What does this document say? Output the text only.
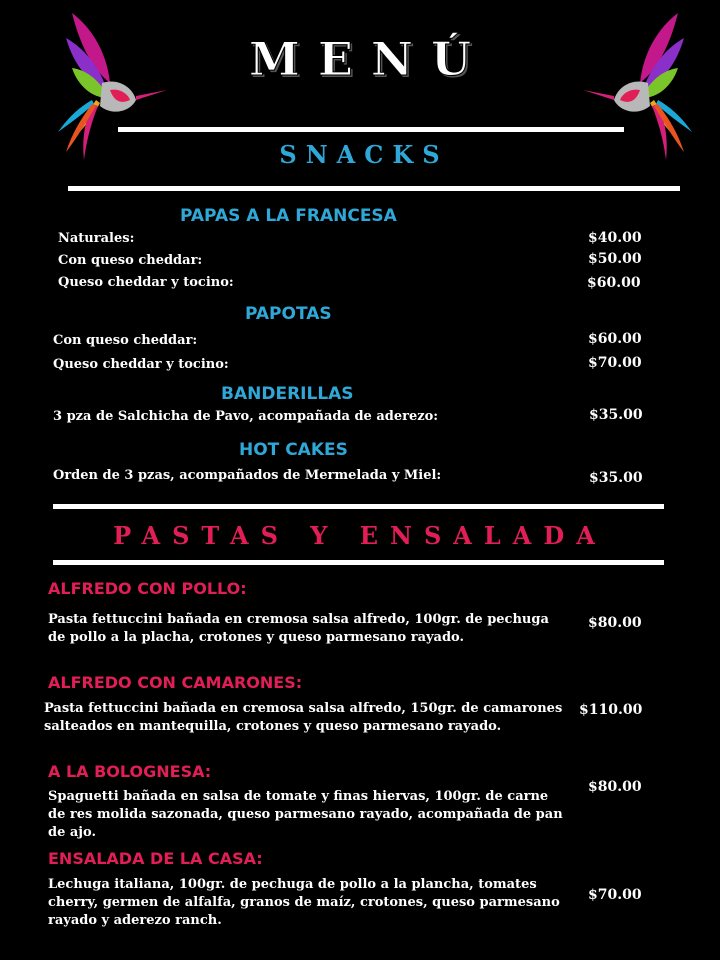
MENÚ
SNACKS
PAPAS A LA FRANCESA
Naturales:	$40.00
Con queso cheddar:	$50.00
Queso cheddar y tocino:	$60.00
PAPOTAS
Con queso cheddar:	$60.00
Queso cheddar y tocino:	$70.00
BANDERILLAS
3 pza de Salchicha de Pavo, acompañada de aderezo:	$35.00
HOT CAKES
Orden de 3 pzas, acompañados de Mermelada y Miel:	$35.00
PASTAS Y ENSALADA
ALFREDO CON POLLO:
Pasta fettuccini bañada en cremosa salsa alfredo, 100gr. de pechuga de pollo a la placha, crotones y queso parmesano rayado.
$80.00
ALFREDO CON CAMARONES:
Pasta fettuccini bañada en cremosa salsa alfredo, 150gr. de camarones salteados en mantequilla, crotones y queso parmesano rayado.
$110.00
A LA BOLOGNESA:
Spaguetti bañada en salsa de tomate y finas hiervas, 100gr. de carne de res molida sazonada, queso parmesano rayado, acompañada de pan de ajo.
$80.00
ENSALADA DE LA CASA:
Lechuga italiana, 100gr. de pechuga de pollo a la plancha, tomates cherry, germen de alfalfa, granos de maíz, crotones, queso parmesano rayado y aderezo ranch.
$70.00
